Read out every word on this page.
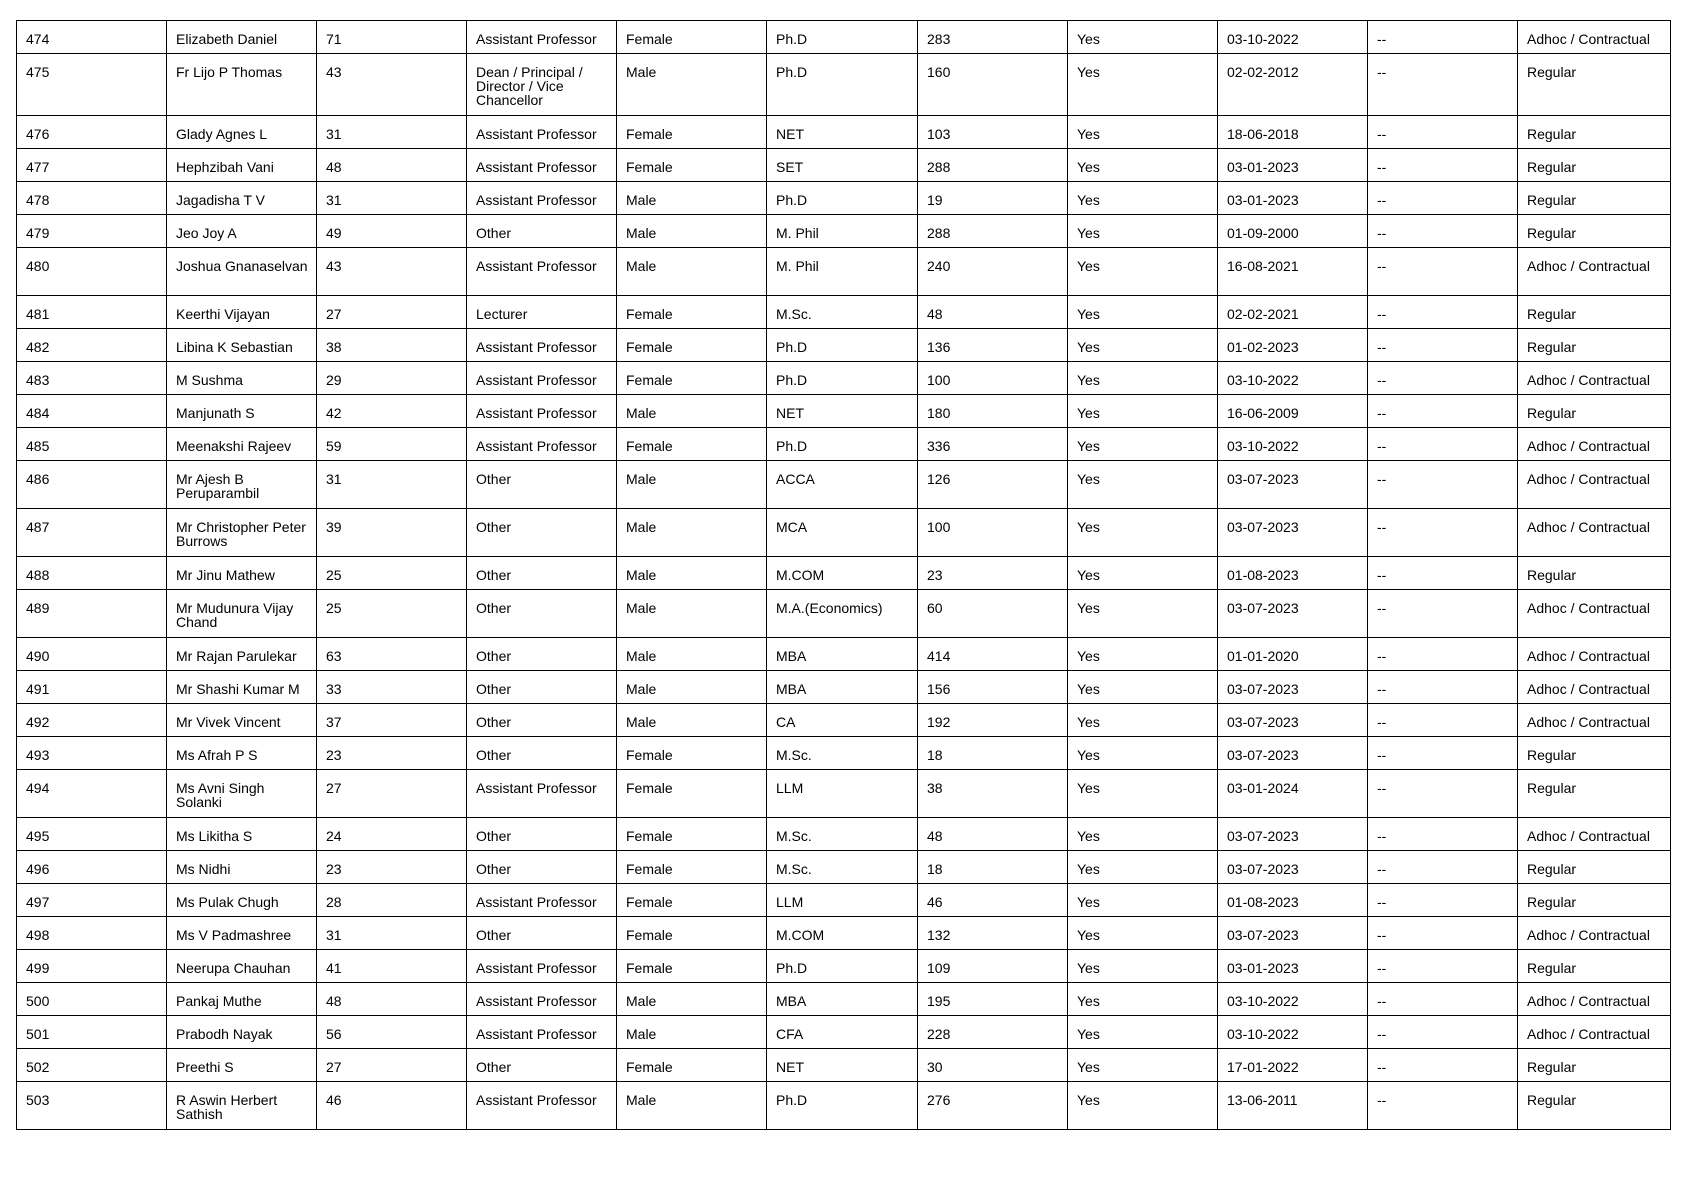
474	Elizabeth Daniel	71	Assistant Professor	Female	Ph.D	283	Yes	03-10-2022	--	Adhoc / Contractual
475	Fr Lijo P Thomas	43	Dean / Principal / Director / Vice Chancellor	Male	Ph.D	160	Yes	02-02-2012	--	Regular
476	Glady Agnes L	31	Assistant Professor	Female	NET	103	Yes	18-06-2018	--	Regular
477	Hephzibah Vani	48	Assistant Professor	Female	SET	288	Yes	03-01-2023	--	Regular
478	Jagadisha T V	31	Assistant Professor	Male	Ph.D	19	Yes	03-01-2023	--	Regular
479	Jeo Joy A	49	Other	Male	M. Phil	288	Yes	01-09-2000	--	Regular
480	Joshua Gnanaselvan	43	Assistant Professor	Male	M. Phil	240	Yes	16-08-2021	--	Adhoc / Contractual
481	Keerthi Vijayan	27	Lecturer	Female	M.Sc.	48	Yes	02-02-2021	--	Regular
482	Libina K Sebastian	38	Assistant Professor	Female	Ph.D	136	Yes	01-02-2023	--	Regular
483	M Sushma	29	Assistant Professor	Female	Ph.D	100	Yes	03-10-2022	--	Adhoc / Contractual
484	Manjunath S	42	Assistant Professor	Male	NET	180	Yes	16-06-2009	--	Regular
485	Meenakshi Rajeev	59	Assistant Professor	Female	Ph.D	336	Yes	03-10-2022	--	Adhoc / Contractual
486	Mr Ajesh B Peruparambil	31	Other	Male	ACCA	126	Yes	03-07-2023	--	Adhoc / Contractual
487	Mr Christopher Peter Burrows	39	Other	Male	MCA	100	Yes	03-07-2023	--	Adhoc / Contractual
488	Mr Jinu Mathew	25	Other	Male	M.COM	23	Yes	01-08-2023	--	Regular
489	Mr Mudunura Vijay Chand	25	Other	Male	M.A.(Economics)	60	Yes	03-07-2023	--	Adhoc / Contractual
490	Mr Rajan Parulekar	63	Other	Male	MBA	414	Yes	01-01-2020	--	Adhoc / Contractual
491	Mr Shashi Kumar M	33	Other	Male	MBA	156	Yes	03-07-2023	--	Adhoc / Contractual
492	Mr Vivek Vincent	37	Other	Male	CA	192	Yes	03-07-2023	--	Adhoc / Contractual
493	Ms Afrah P S	23	Other	Female	M.Sc.	18	Yes	03-07-2023	--	Regular
494	Ms Avni Singh Solanki	27	Assistant Professor	Female	LLM	38	Yes	03-01-2024	--	Regular
495	Ms Likitha S	24	Other	Female	M.Sc.	48	Yes	03-07-2023	--	Adhoc / Contractual
496	Ms Nidhi	23	Other	Female	M.Sc.	18	Yes	03-07-2023	--	Regular
497	Ms Pulak Chugh	28	Assistant Professor	Female	LLM	46	Yes	01-08-2023	--	Regular
498	Ms V Padmashree	31	Other	Female	M.COM	132	Yes	03-07-2023	--	Adhoc / Contractual
499	Neerupa Chauhan	41	Assistant Professor	Female	Ph.D	109	Yes	03-01-2023	--	Regular
500	Pankaj Muthe	48	Assistant Professor	Male	MBA	195	Yes	03-10-2022	--	Adhoc / Contractual
501	Prabodh Nayak	56	Assistant Professor	Male	CFA	228	Yes	03-10-2022	--	Adhoc / Contractual
502	Preethi S	27	Other	Female	NET	30	Yes	17-01-2022	--	Regular
503	R Aswin Herbert Sathish	46	Assistant Professor	Male	Ph.D	276	Yes	13-06-2011	--	Regular
